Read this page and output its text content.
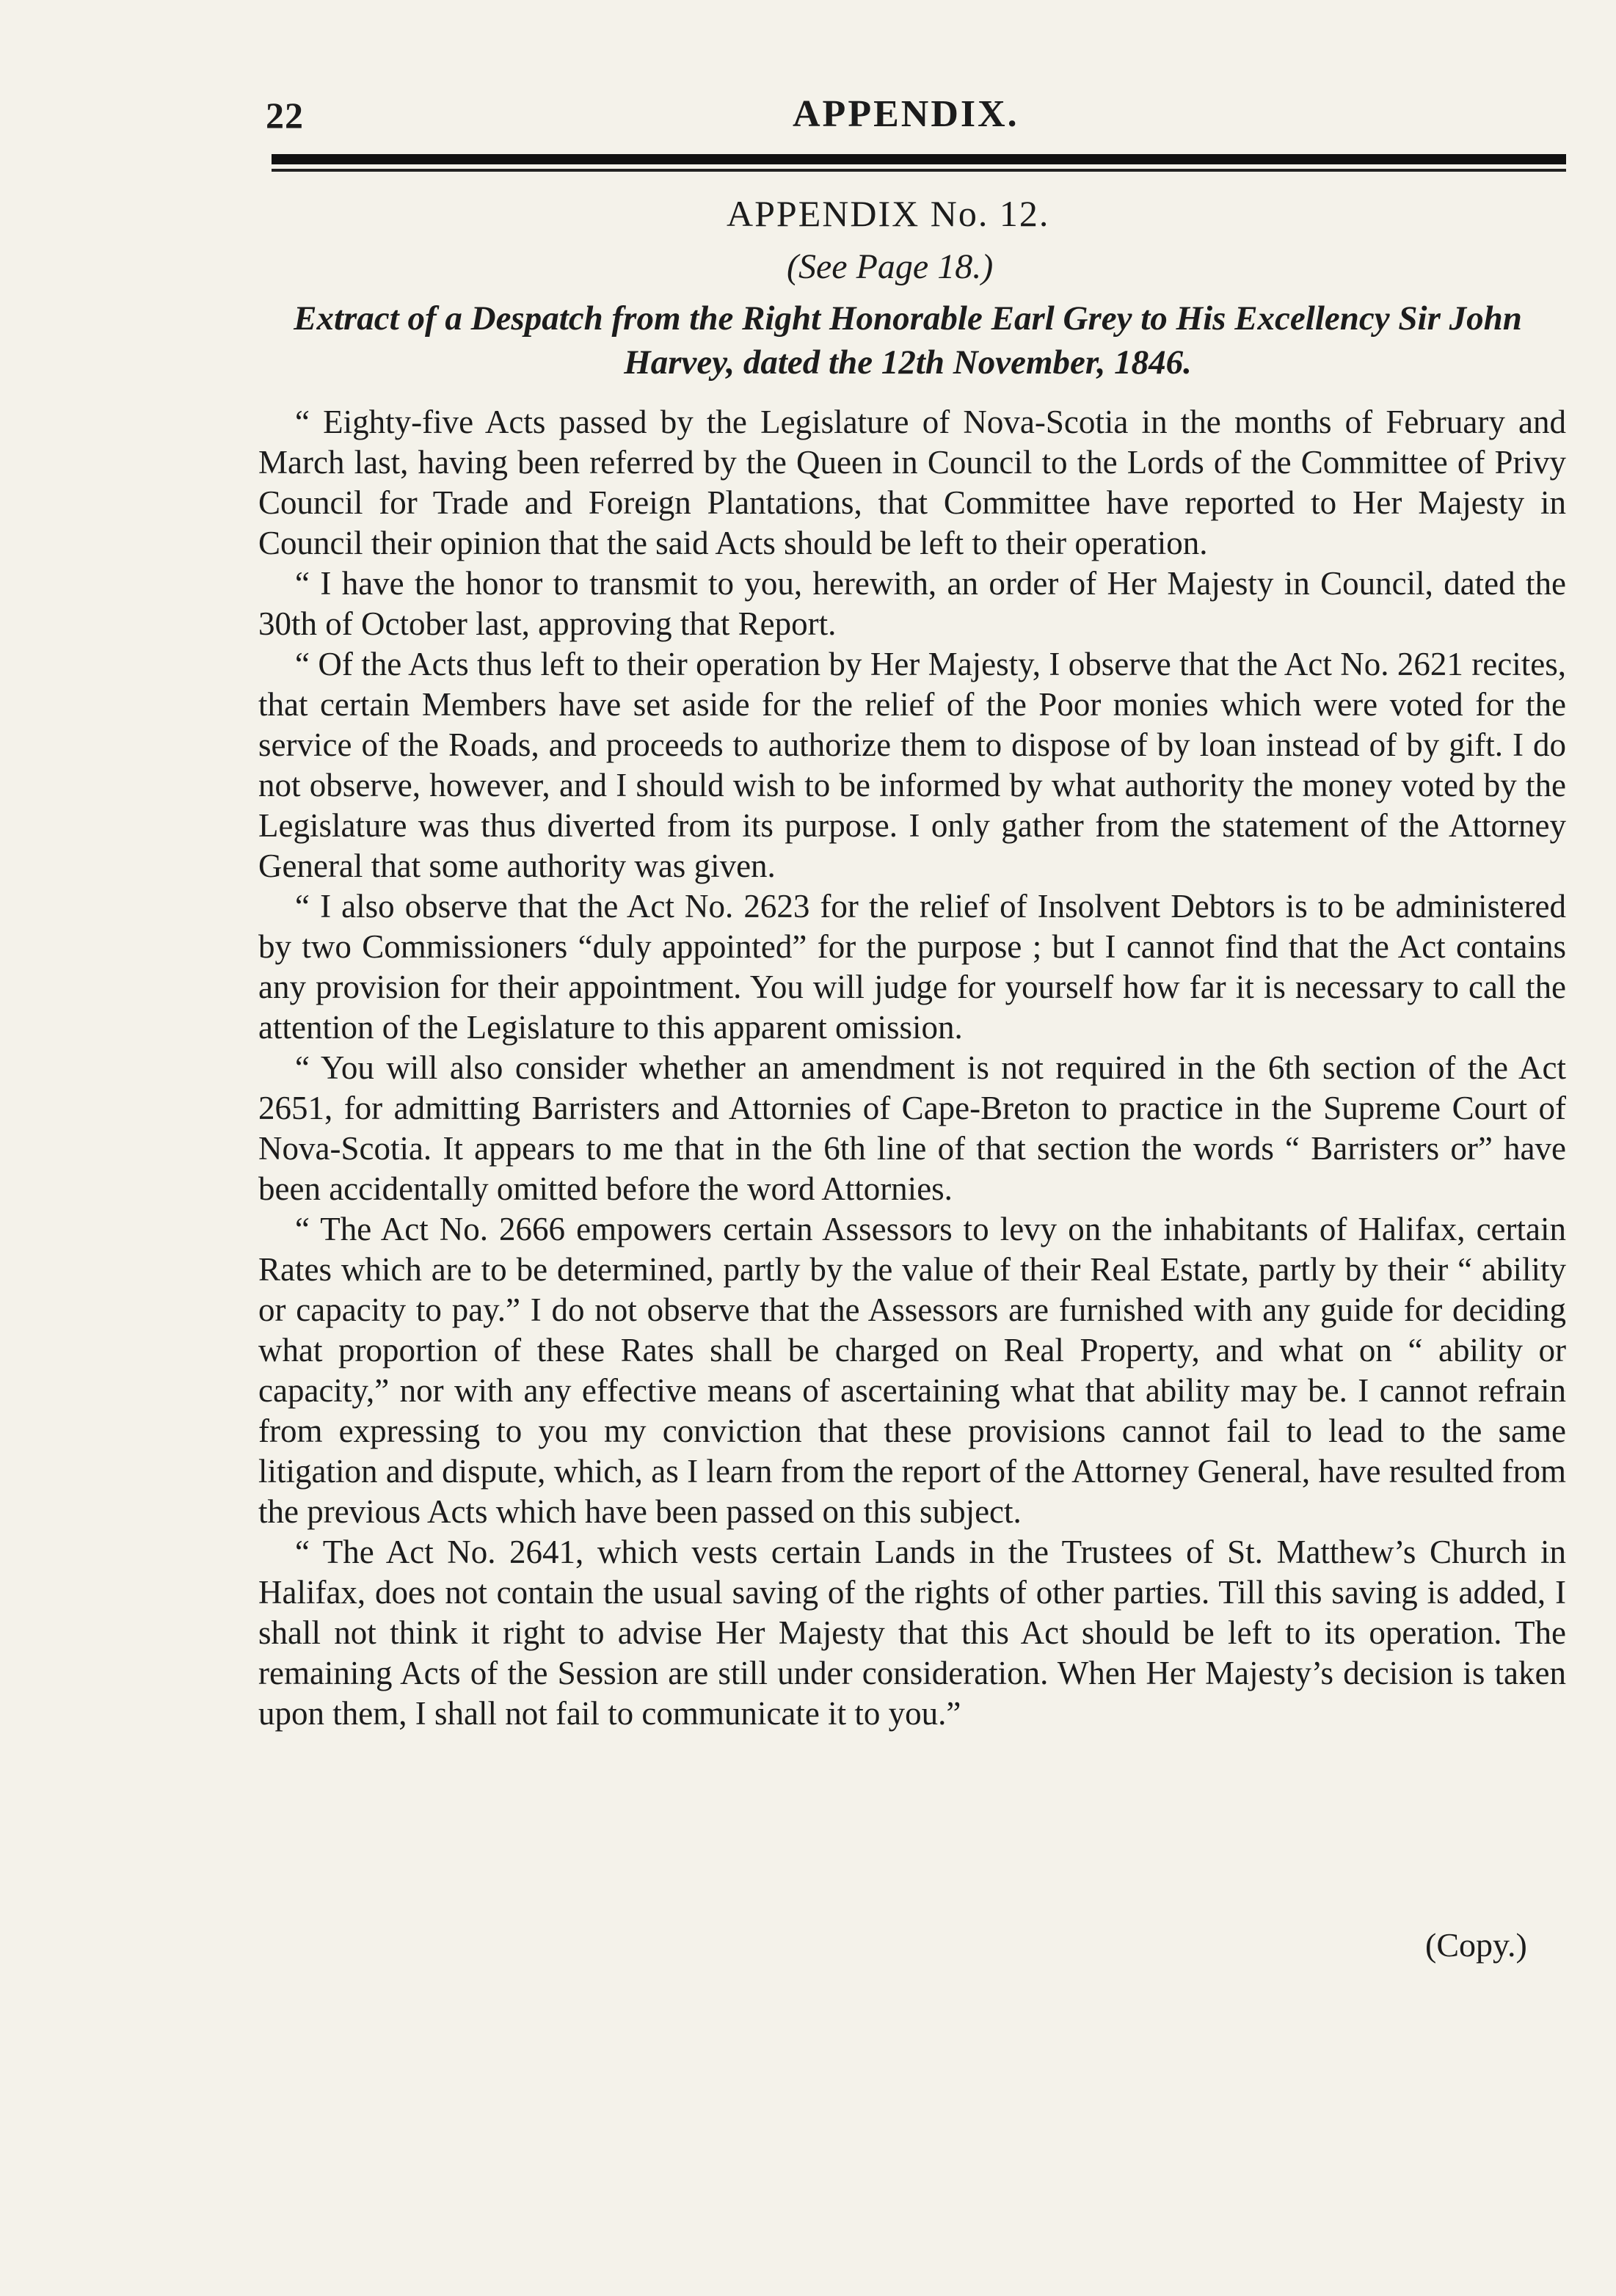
22	APPENDIX.
APPENDIX No. 12.
(See Page 18.)
Extract of a Despatch from the Right Honorable Earl Grey to His Excellency Sir John Harvey, dated the 12th November, 1846.

“ Eighty-five Acts passed by the Legislature of Nova-Scotia in the months of February and March last, having been referred by the Queen in Council to the Lords of the Committee of Privy Council for Trade and Foreign Plantations, that Committee have reported to Her Majesty in Council their opinion that the said Acts should be left to their operation.

“ I have the honor to transmit to you, herewith, an order of Her Majesty in Council, dated the 30th of October last, approving that Report.

“ Of the Acts thus left to their operation by Her Majesty, I observe that the Act No. 2621 recites, that certain Members have set aside for the relief of the Poor monies which were voted for the service of the Roads, and proceeds to authorize them to dispose of by loan instead of by gift. I do not observe, however, and I should wish to be informed by what authority the money voted by the Legislature was thus diverted from its purpose. I only gather from the statement of the Attorney General that some authority was given.

“ I also observe that the Act No. 2623 for the relief of Insolvent Debtors is to be administered by two Commissioners “duly appointed” for the purpose ; but I cannot find that the Act contains any provision for their appointment. You will judge for yourself how far it is necessary to call the attention of the Legislature to this apparent omission.

“ You will also consider whether an amendment is not required in the 6th section of the Act 2651, for admitting Barristers and Attornies of Cape-Breton to practice in the Supreme Court of Nova-Scotia. It appears to me that in the 6th line of that section the words “ Barristers or” have been accidentally omitted before the word Attornies.

“ The Act No. 2666 empowers certain Assessors to levy on the inhabitants of Halifax, certain Rates which are to be determined, partly by the value of their Real Estate, partly by their “ ability or capacity to pay.” I do not observe that the Assessors are furnished with any guide for deciding what proportion of these Rates shall be charged on Real Property, and what on “ ability or capacity,” nor with any effective means of ascertaining what that ability may be. I cannot refrain from expressing to you my conviction that these provisions cannot fail to lead to the same litigation and dispute, which, as I learn from the report of the Attorney General, have resulted from the previous Acts which have been passed on this subject.

“ The Act No. 2641, which vests certain Lands in the Trustees of St. Matthew’s Church in Halifax, does not contain the usual saving of the rights of other parties. Till this saving is added, I shall not think it right to advise Her Majesty that this Act should be left to its operation. The remaining Acts of the Session are still under consideration. When Her Majesty’s decision is taken upon them, I shall not fail to communicate it to you.”

(Copy.)
